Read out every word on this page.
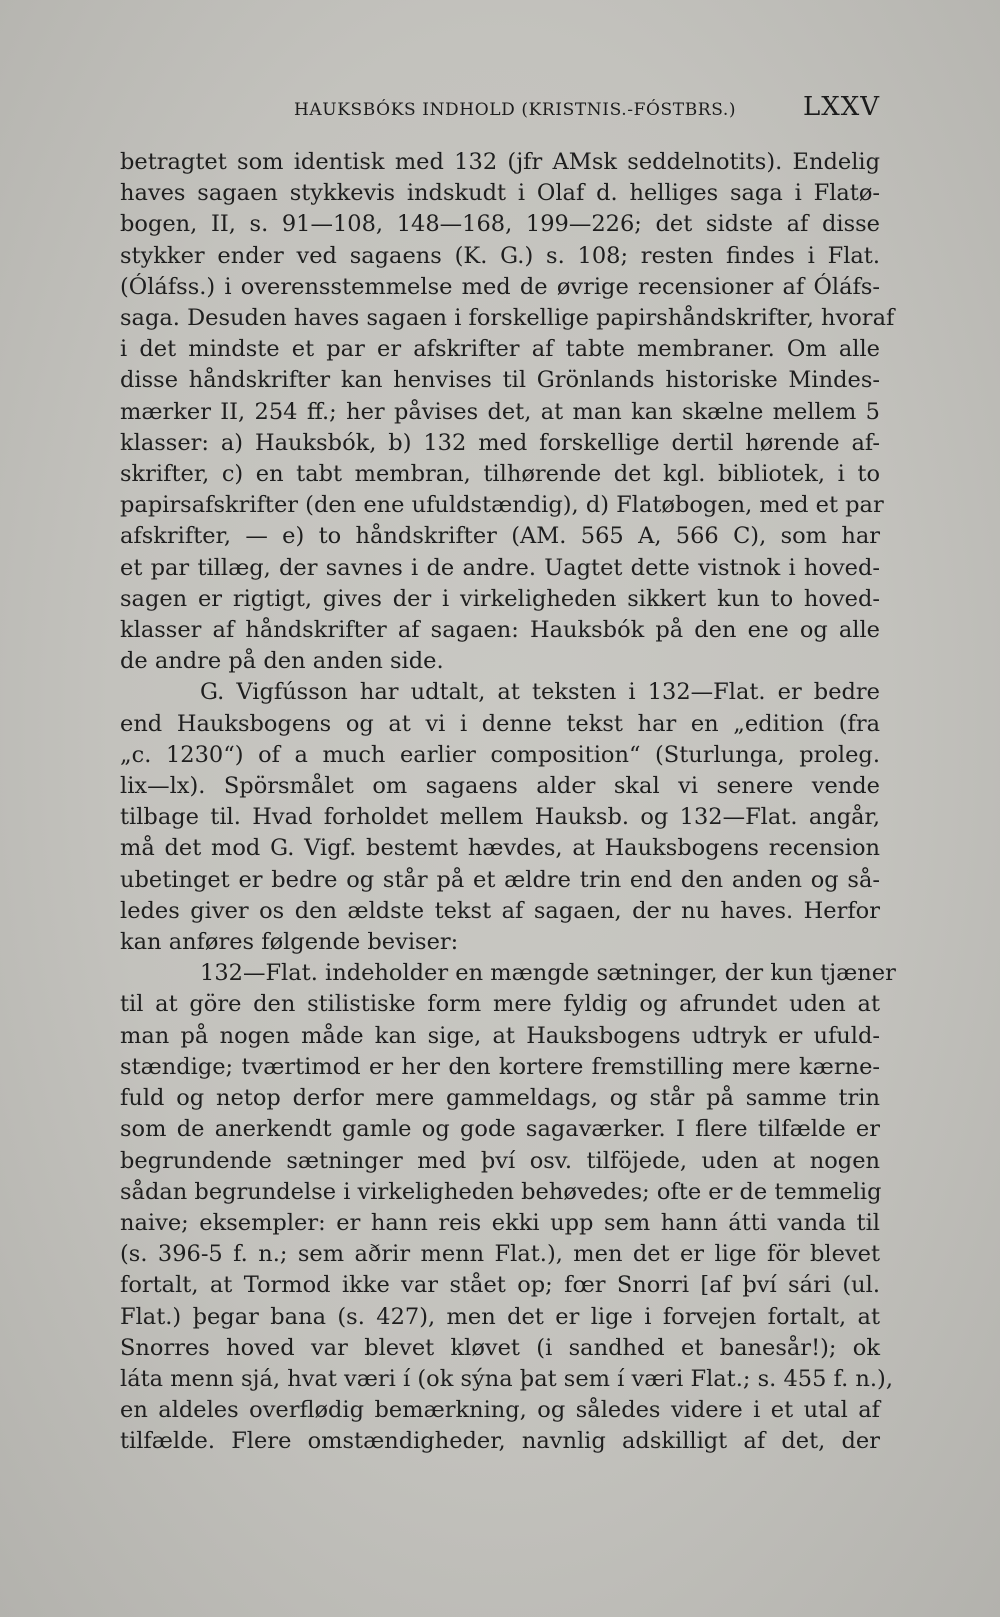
HAUKSBÓKS INDHOLD (KRISTNIS.-FÓSTBRS.)	LXXV
betragtet som identisk med 132 (jfr AMsk seddelnotits). Endelig
haves sagaen stykkevis indskudt i Olaf d. helliges saga i Flatø-
bogen, II, s. 91—108, 148—168, 199—226; det sidste af disse
stykker ender ved sagaens (K. G.) s. 108; resten findes i Flat.
(Óláfss.) i overensstemmelse med de øvrige recensioner af Óláfs-
saga. Desuden haves sagaen i forskellige papirshåndskrifter, hvoraf
i det mindste et par er afskrifter af tabte membraner. Om alle
disse håndskrifter kan henvises til Grönlands historiske Mindes-
mærker II, 254 ff.; her påvises det, at man kan skælne mellem 5
klasser: a) Hauksbók, b) 132 med forskellige dertil hørende af-
skrifter, c) en tabt membran, tilhørende det kgl. bibliotek, i to
papirsafskrifter (den ene ufuldstændig), d) Flatøbogen, med et par
afskrifter, — e) to håndskrifter (AM. 565 A, 566 C), som har
et par tillæg, der savnes i de andre. Uagtet dette vistnok i hoved-
sagen er rigtigt, gives der i virkeligheden sikkert kun to hoved-
klasser af håndskrifter af sagaen: Hauksbók på den ene og alle
de andre på den anden side.
G. Vigfússon har udtalt, at teksten i 132—Flat. er bedre
end Hauksbogens og at vi i denne tekst har en „edition (fra
„c. 1230“) of a much earlier composition“ (Sturlunga, proleg.
lix—lx). Spörsmålet om sagaens alder skal vi senere vende
tilbage til. Hvad forholdet mellem Hauksb. og 132—Flat. angår,
må det mod G. Vigf. bestemt hævdes, at Hauksbogens recension
ubetinget er bedre og står på et ældre trin end den anden og så-
ledes giver os den ældste tekst af sagaen, der nu haves. Herfor
kan anføres følgende beviser:
132—Flat. indeholder en mængde sætninger, der kun tjæner
til at göre den stilistiske form mere fyldig og afrundet uden at
man på nogen måde kan sige, at Hauksbogens udtryk er ufuld-
stændige; tværtimod er her den kortere fremstilling mere kærne-
fuld og netop derfor mere gammeldags, og står på samme trin
som de anerkendt gamle og gode sagaværker. I flere tilfælde er
begrundende sætninger med því osv. tilföjede, uden at nogen
sådan begrundelse i virkeligheden behøvedes; ofte er de temmelig
naive; eksempler: er hann reis ekki upp sem hann átti vanda til
(s. 396-5 f. n.; sem aðrir menn Flat.), men det er lige för blevet
fortalt, at Tormod ikke var stået op; fœr Snorri [af því sári (ul.
Flat.) þegar bana (s. 427), men det er lige i forvejen fortalt, at
Snorres hoved var blevet kløvet (i sandhed et banesår!); ok
láta menn sjá, hvat væri í (ok sýna þat sem í væri Flat.; s. 455 f. n.),
en aldeles overflødig bemærkning, og således videre i et utal af
tilfælde. Flere omstændigheder, navnlig adskilligt af det, der
